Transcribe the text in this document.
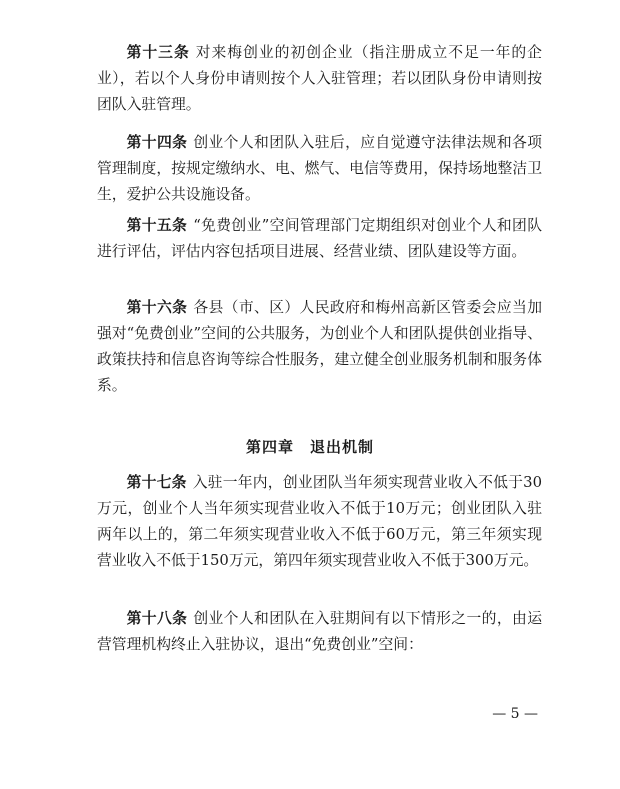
第十三条 对来梅创业的初创企业（指注册成立不足一年的企业），若以个人身份申请则按个人入驻管理；若以团队身份申请则按团队入驻管理。

第十四条 创业个人和团队入驻后，应自觉遵守法律法规和各项管理制度，按规定缴纳水、电、燃气、电信等费用，保持场地整洁卫生，爱护公共设施设备。

第十五条 “免费创业”空间管理部门定期组织对创业个人和团队进行评估，评估内容包括项目进展、经营业绩、团队建设等方面。

第十六条 各县（市、区）人民政府和梅州高新区管委会应当加强对“免费创业”空间的公共服务，为创业个人和团队提供创业指导、政策扶持和信息咨询等综合性服务，建立健全创业服务机制和服务体系。

第四章 退出机制

第十七条 入驻一年内，创业团队当年须实现营业收入不低于30万元，创业个人当年须实现营业收入不低于10万元；创业团队入驻两年以上的，第二年须实现营业收入不低于60万元，第三年须实现营业收入不低于150万元，第四年须实现营业收入不低于300万元。

第十八条 创业个人和团队在入驻期间有以下情形之一的，由运营管理机构终止入驻协议，退出“免费创业”空间：

— 5 —
